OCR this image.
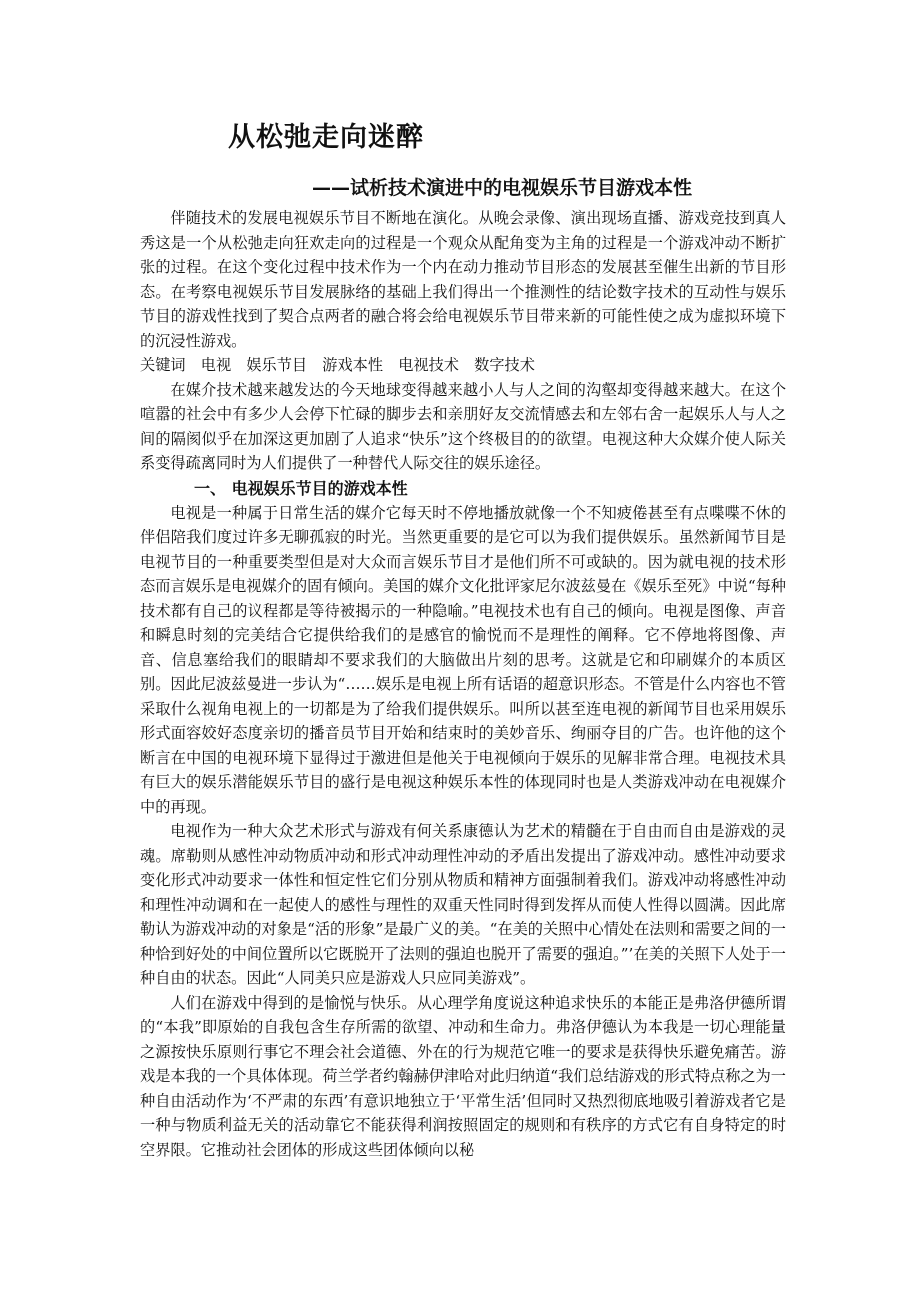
从松弛走向迷醉
——试析技术演进中的电视娱乐节目游戏本性

伴随技术的发展电视娱乐节目不断地在演化。从晚会录像、演出现场直播、游戏竞技到真人秀这是一个从松弛走向狂欢走向的过程是一个观众从配角变为主角的过程是一个游戏冲动不断扩张的过程。在这个变化过程中技术作为一个内在动力推动节目形态的发展甚至催生出新的节目形态。在考察电视娱乐节目发展脉络的基础上我们得出一个推测性的结论数字技术的互动性与娱乐节目的游戏性找到了契合点两者的融合将会给电视娱乐节目带来新的可能性使之成为虚拟环境下的沉浸性游戏。

关键词　电视　娱乐节目　游戏本性　电视技术　数字技术

在媒介技术越来越发达的今天地球变得越来越小人与人之间的沟壑却变得越来越大。在这个喧嚣的社会中有多少人会停下忙碌的脚步去和亲朋好友交流情感去和左邻右舍一起娱乐人与人之间的隔阂似乎在加深这更加剧了人追求“快乐”这个终极目的的欲望。电视这种大众媒介使人际关系变得疏离同时为人们提供了一种替代人际交往的娱乐途径。

一、 电视娱乐节目的游戏本性

电视是一种属于日常生活的媒介它每天时不停地播放就像一个不知疲倦甚至有点喋喋不休的伴侣陪我们度过许多无聊孤寂的时光。当然更重要的是它可以为我们提供娱乐。虽然新闻节目是电视节目的一种重要类型但是对大众而言娱乐节目才是他们所不可或缺的。因为就电视的技术形态而言娱乐是电视媒介的固有倾向。美国的媒介文化批评家尼尔波兹曼在《娱乐至死》中说“每种技术都有自己的议程都是等待被揭示的一种隐喻。”电视技术也有自己的倾向。电视是图像、声音和瞬息时刻的完美结合它提供给我们的是感官的愉悦而不是理性的阐释。它不停地将图像、声音、信息塞给我们的眼睛却不要求我们的大脑做出片刻的思考。这就是它和印刷媒介的本质区别。因此尼波兹曼进一步认为“……娱乐是电视上所有话语的超意识形态。不管是什么内容也不管采取什么视角电视上的一切都是为了给我们提供娱乐。叫所以甚至连电视的新闻节目也采用娱乐形式面容姣好态度亲切的播音员节目开始和结束时的美妙音乐、绚丽夺目的广告。也许他的这个断言在中国的电视环境下显得过于激进但是他关于电视倾向于娱乐的见解非常合理。电视技术具有巨大的娱乐潜能娱乐节目的盛行是电视这种娱乐本性的体现同时也是人类游戏冲动在电视媒介中的再现。

电视作为一种大众艺术形式与游戏有何关系康德认为艺术的精髓在于自由而自由是游戏的灵魂。席勒则从感性冲动物质冲动和形式冲动理性冲动的矛盾出发提出了游戏冲动。感性冲动要求变化形式冲动要求一体性和恒定性它们分别从物质和精神方面强制着我们。游戏冲动将感性冲动和理性冲动调和在一起使人的感性与理性的双重天性同时得到发挥从而使人性得以圆满。因此席勒认为游戏冲动的对象是“活的形象”是最广义的美。“在美的关照中心情处在法则和需要之间的一种恰到好处的中间位置所以它既脱开了法则的强迫也脱开了需要的强迫。”’在美的关照下人处于一种自由的状态。因此“人同美只应是游戏人只应同美游戏”。

人们在游戏中得到的是愉悦与快乐。从心理学角度说这种追求快乐的本能正是弗洛伊德所谓的“本我”即原始的自我包含生存所需的欲望、冲动和生命力。弗洛伊德认为本我是一切心理能量之源按快乐原则行事它不理会社会道德、外在的行为规范它唯一的要求是获得快乐避免痛苦。游戏是本我的一个具体体现。荷兰学者约翰赫伊津哈对此归纳道“我们总结游戏的形式特点称之为一种自由活动作为‘不严肃的东西’有意识地独立于‘平常生活’但同时又热烈彻底地吸引着游戏者它是一种与物质利益无关的活动靠它不能获得利润按照固定的规则和有秩序的方式它有自身特定的时空界限。它推动社会团体的形成这些团体倾向以秘
